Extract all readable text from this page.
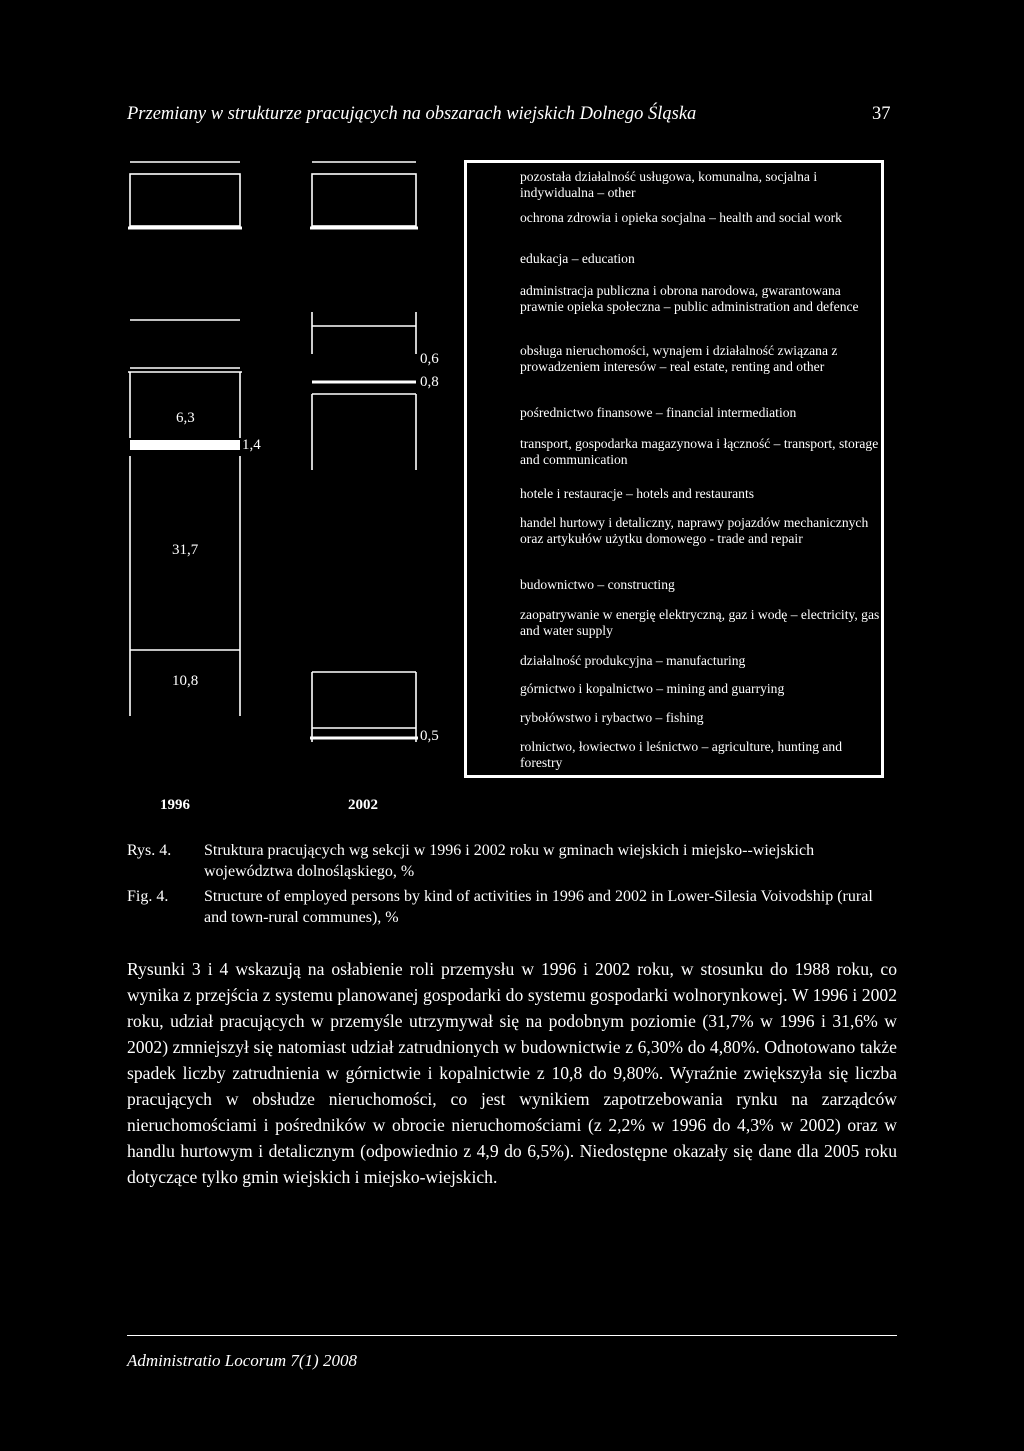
Przemiany w strukturze pracujących na obszarach wiejskich Dolnego Śląska	37
6,3
1,4
31,7
10,8
0,6
0,8
0,5
1996	2002
pozostała działalność usługowa, komunalna, socjalna i indywidualna – other
ochrona zdrowia i opieka socjalna – health and social work
edukacja – education
administracja publiczna i obrona narodowa, gwarantowana prawnie opieka społeczna – public administration and defence
obsługa nieruchomości, wynajem i działalność związana z prowadzeniem interesów – real estate, renting and other
pośrednictwo finansowe – financial intermediation
transport, gospodarka magazynowa i łączność – transport, storage and communication
hotele i restauracje – hotels and restaurants
handel hurtowy i detaliczny, naprawy pojazdów mechanicznych oraz artykułów użytku domowego - trade and repair
budownictwo – constructing
zaopatrywanie w energię elektryczną, gaz i wodę – electricity, gas and water supply
działalność produkcyjna – manufacturing
górnictwo i kopalnictwo – mining and guarrying
rybołówstwo i rybactwo – fishing
rolnictwo, łowiectwo i leśnictwo – agriculture, hunting and forestry
Rys. 4. Struktura pracujących wg sekcji w 1996 i 2002 roku w gminach wiejskich i miejsko--wiejskich województwa dolnośląskiego, %
Fig. 4. Structure of employed persons by kind of activities in 1996 and 2002 in Lower-Silesia Voivodship (rural and town-rural communes), %
Rysunki 3 i 4 wskazują na osłabienie roli przemysłu w 1996 i 2002 roku, w stosunku do 1988 roku, co wynika z przejścia z systemu planowanej gospodarki do systemu gospodarki wolnorynkowej. W 1996 i 2002 roku, udział pracujących w przemyśle utrzymywał się na podobnym poziomie (31,7% w 1996 i 31,6% w 2002) zmniejszył się natomiast udział zatrudnionych w budownictwie z 6,30% do 4,80%. Odnotowano także spadek liczby zatrudnienia w górnictwie i kopalnictwie z 10,8 do 9,80%. Wyraźnie zwiększyła się liczba pracujących w obsłudze nieruchomości, co jest wynikiem zapotrzebowania rynku na zarządców nieruchomościami i pośredników w obrocie nieruchomościami (z 2,2% w 1996 do 4,3% w 2002) oraz w handlu hurtowym i detalicznym (odpowiednio z 4,9 do 6,5%). Niedostępne okazały się dane dla 2005 roku dotyczące tylko gmin wiejskich i miejsko-wiejskich.
Administratio Locorum 7(1) 2008
